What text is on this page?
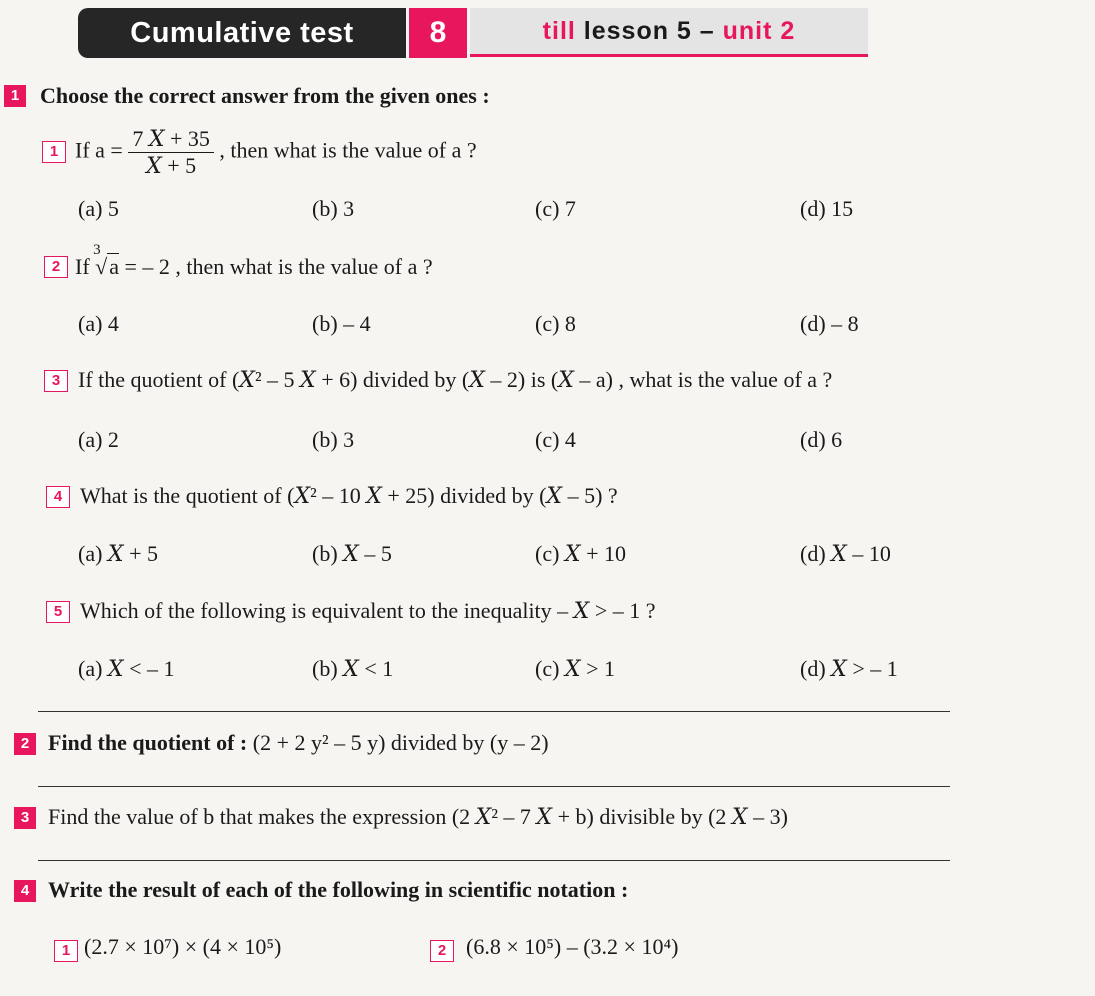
Cumulative test	8	till lesson 5 – unit 2
1 Choose the correct answer from the given ones :
1 If $a = \frac{\text{7 𝑋 + 35}}{\text{𝑋 + 5}}$ , then what is the value of a ?
(a) 5	(b) 3	(c) 7	(d) 15
2 If
3
√a = – 2 , then what is the value of a ?
(a) 4	(b) – 4	(c) 8	(d) – 8
3 If the quotient of (𝑋² – 5 𝑋 + 6) divided by (𝑋 – 2) is (𝑋 – a) , what is the value of a ?
(a) 2	(b) 3	(c) 4	(d) 6
4 What is the quotient of (𝑋² – 10 𝑋 + 25) divided by (𝑋 – 5) ?
(a) 𝑋 + 5	(b) 𝑋 – 5	(c) 𝑋 + 10	(d) 𝑋 – 10
5 Which of the following is equivalent to the inequality – 𝑋 > – 1 ?
(a) 𝑋 < – 1	(b) 𝑋 < 1	(c) 𝑋 > 1	(d) 𝑋 > – 1
2 Find the quotient of : (2 + 2 y² – 5 y) divided by (y – 2)
3 Find the value of b that makes the expression (2 𝑋² – 7 𝑋 + b) divisible by (2 𝑋 – 3)
4 Write the result of each of the following in scientific notation :
1 (2.7 × 10⁷) × (4 × 10⁵)	2 (6.8 × 10⁵) – (3.2 × 10⁴)
